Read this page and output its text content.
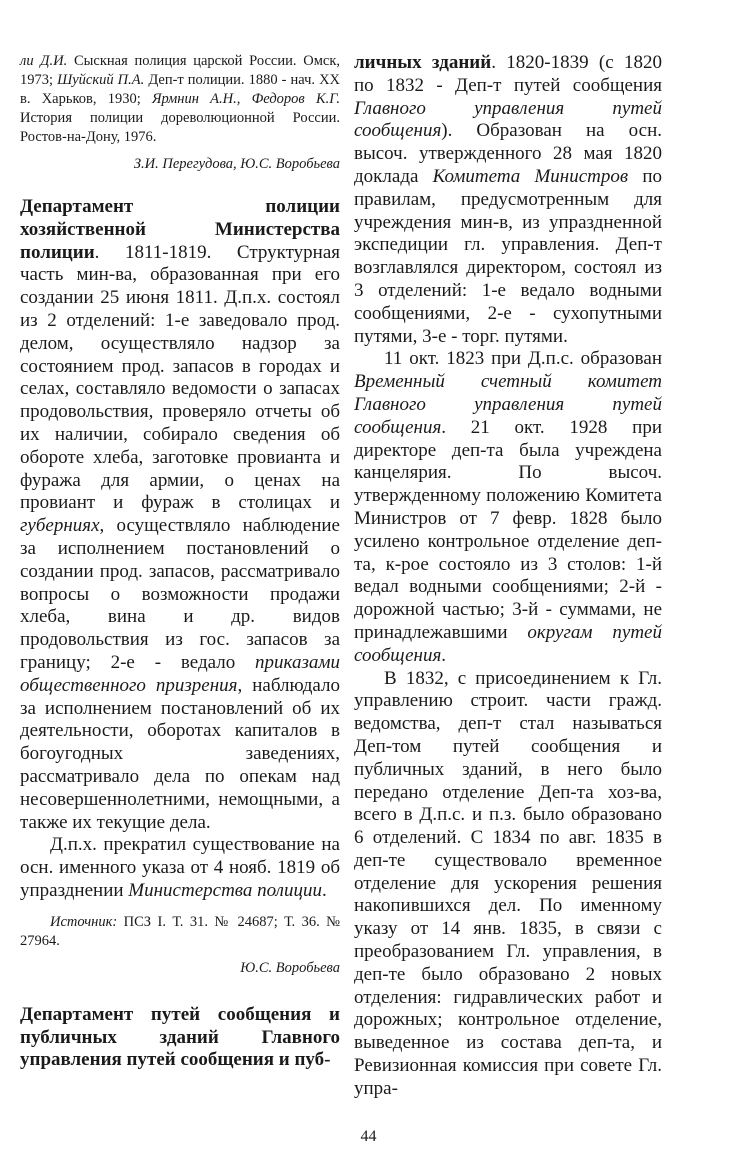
ли Д.И. Сыскная полиция царской России. Омск, 1973; Шуйский П.А. Деп-т полиции. 1880 - нач. XX в. Харьков, 1930; Ярмнин А.Н., Федоров К.Г. История полиции дореволюционной России. Ростов-на-Дону, 1976.

З.И. Перегудова, Ю.С. Воробьева

Департамент полиции хозяйственной Министерства полиции. 1811-1819. Структурная часть мин-ва, образованная при его создании 25 июня 1811. Д.п.х. состоял из 2 отделений: 1-е заведовало прод. делом, осуществляло надзор за состоянием прод. запасов в городах и селах, составляло ведомости о запасах продовольствия, проверяло отчеты об их наличии, собирало сведения об обороте хлеба, заготовке провианта и фуража для армии, о ценах на провиант и фураж в столицах и губерниях, осуществляло наблюдение за исполнением постановлений о создании прод. запасов, рассматривало вопросы о возможности продажи хлеба, вина и др. видов продовольствия из гос. запасов за границу; 2-е - ведало приказами общественного призрения, наблюдало за исполнением постановлений об их деятельности, оборотах капиталов в богоугодных заведениях, рассматривало дела по опекам над несовершеннолетними, немощными, а также их текущие дела.

Д.п.х. прекратил существование на осн. именного указа от 4 нояб. 1819 об упразднении Министерства полиции.

Источник: ПСЗ I. Т. 31. № 24687; Т. 36. № 27964.

Ю.С. Воробьева

Департамент путей сообщения и публичных зданий Главного управления путей сообщения и пуб-

личных зданий. 1820-1839 (с 1820 по 1832 - Деп-т путей сообщения Главного управления путей сообщения). Образован на осн. высоч. утвержденного 28 мая 1820 доклада Комитета Министров по правилам, предусмотренным для учреждения мин-в, из упраздненной экспедиции гл. управления. Деп-т возглавлялся директором, состоял из 3 отделений: 1-е ведало водными сообщениями, 2-е - сухопутными путями, 3-е - торг. путями.

11 окт. 1823 при Д.п.с. образован Временный счетный комитет Главного управления путей сообщения. 21 окт. 1928 при директоре деп-та была учреждена канцелярия. По высоч. утвержденному положению Комитета Министров от 7 февр. 1828 было усилено контрольное отделение деп-та, к-рое состояло из 3 столов: 1-й ведал водными сообщениями; 2-й - дорожной частью; 3-й - суммами, не принадлежавшими округам путей сообщения.

В 1832, с присоединением к Гл. управлению строит. части гражд. ведомства, деп-т стал называться Деп-том путей сообщения и публичных зданий, в него было передано отделение Деп-та хоз-ва, всего в Д.п.с. и п.з. было образовано 6 отделений. С 1834 по авг. 1835 в деп-те существовало временное отделение для ускорения решения накопившихся дел. По именному указу от 14 янв. 1835, в связи с преобразованием Гл. управления, в деп-те было образовано 2 новых отделения: гидравлических работ и дорожных; контрольное отделение, выведенное из состава деп-та, и Ревизионная комиссия при совете Гл. упра-

44
